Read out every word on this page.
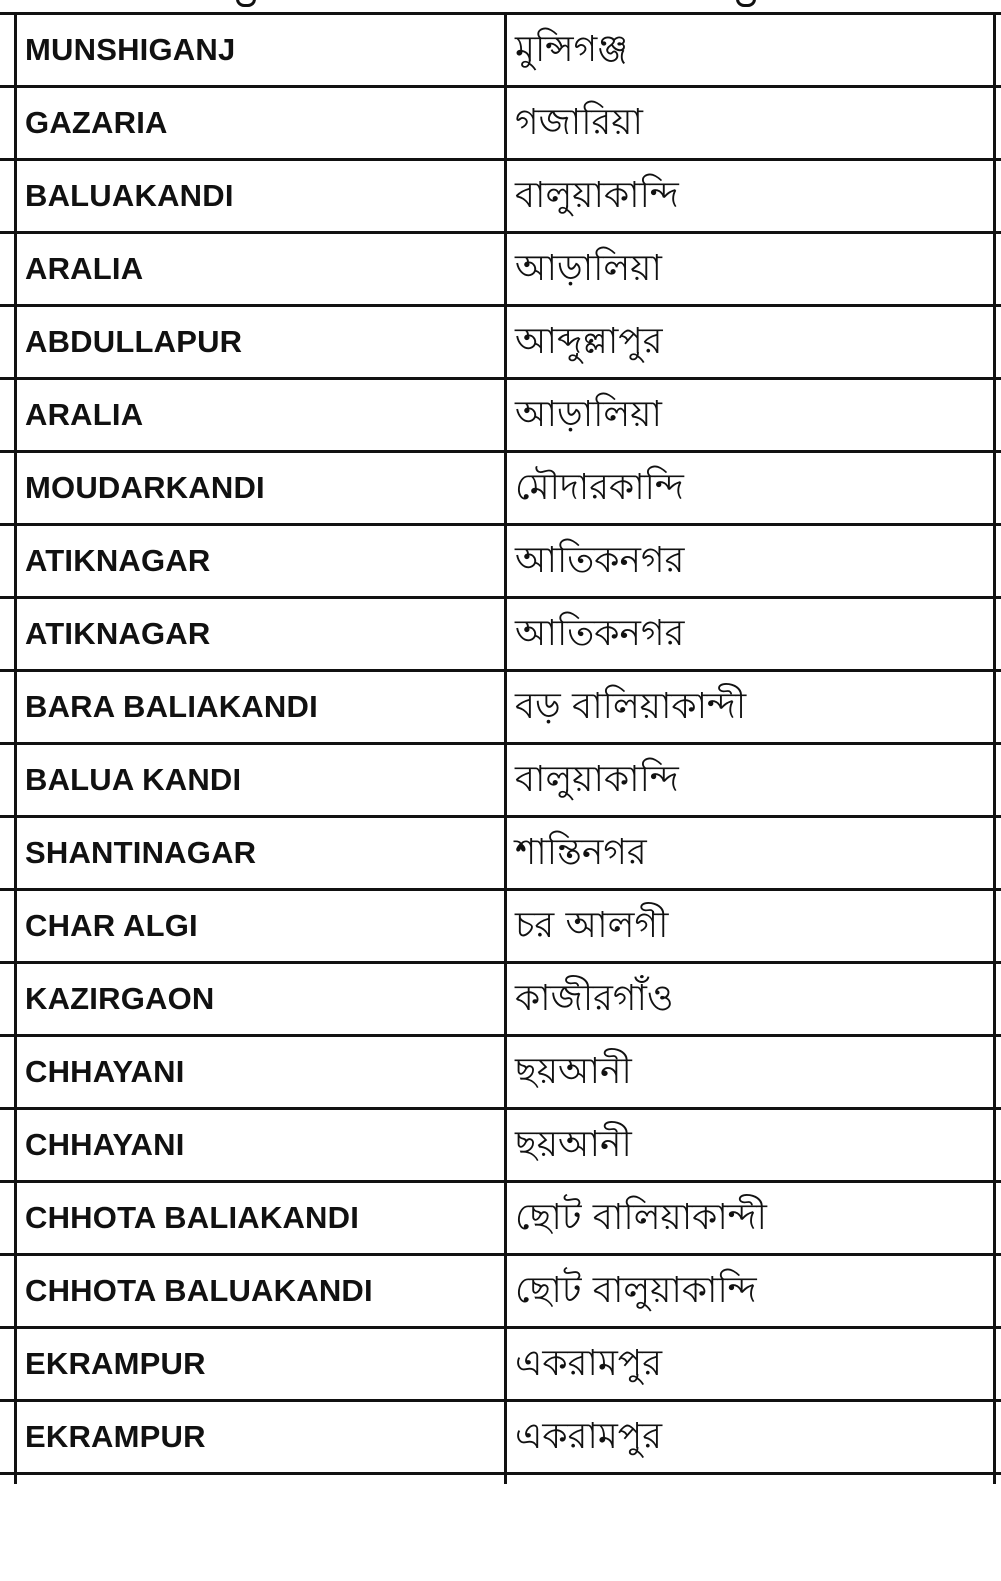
	MUNSHIGANJ	মুন্সিগঞ্জ	
	GAZARIA	গজারিয়া	
	BALUAKANDI	বালুয়াকান্দি	
	ARALIA	আড়ালিয়া	
	ABDULLAPUR	আব্দুল্লাপুর	
	ARALIA	আড়ালিয়া	
	MOUDARKANDI	মৌদারকান্দি	
	ATIKNAGAR	আতিকনগর	
	ATIKNAGAR	আতিকনগর	
	BARA BALIAKANDI	বড় বালিয়াকান্দী	
	BALUA KANDI	বালুয়াকান্দি	
	SHANTINAGAR	শান্তিনগর	
	CHAR ALGI	চর আলগী	
	KAZIRGAON	কাজীরগাঁও	
	CHHAYANI	ছয়আনী	
	CHHAYANI	ছয়আনী	
	CHHOTA BALIAKANDI	ছোট বালিয়াকান্দী	
	CHHOTA BALUAKANDI	ছোট বালুয়াকান্দি	
	EKRAMPUR	একরামপুর	
	EKRAMPUR	একরামপুর	
